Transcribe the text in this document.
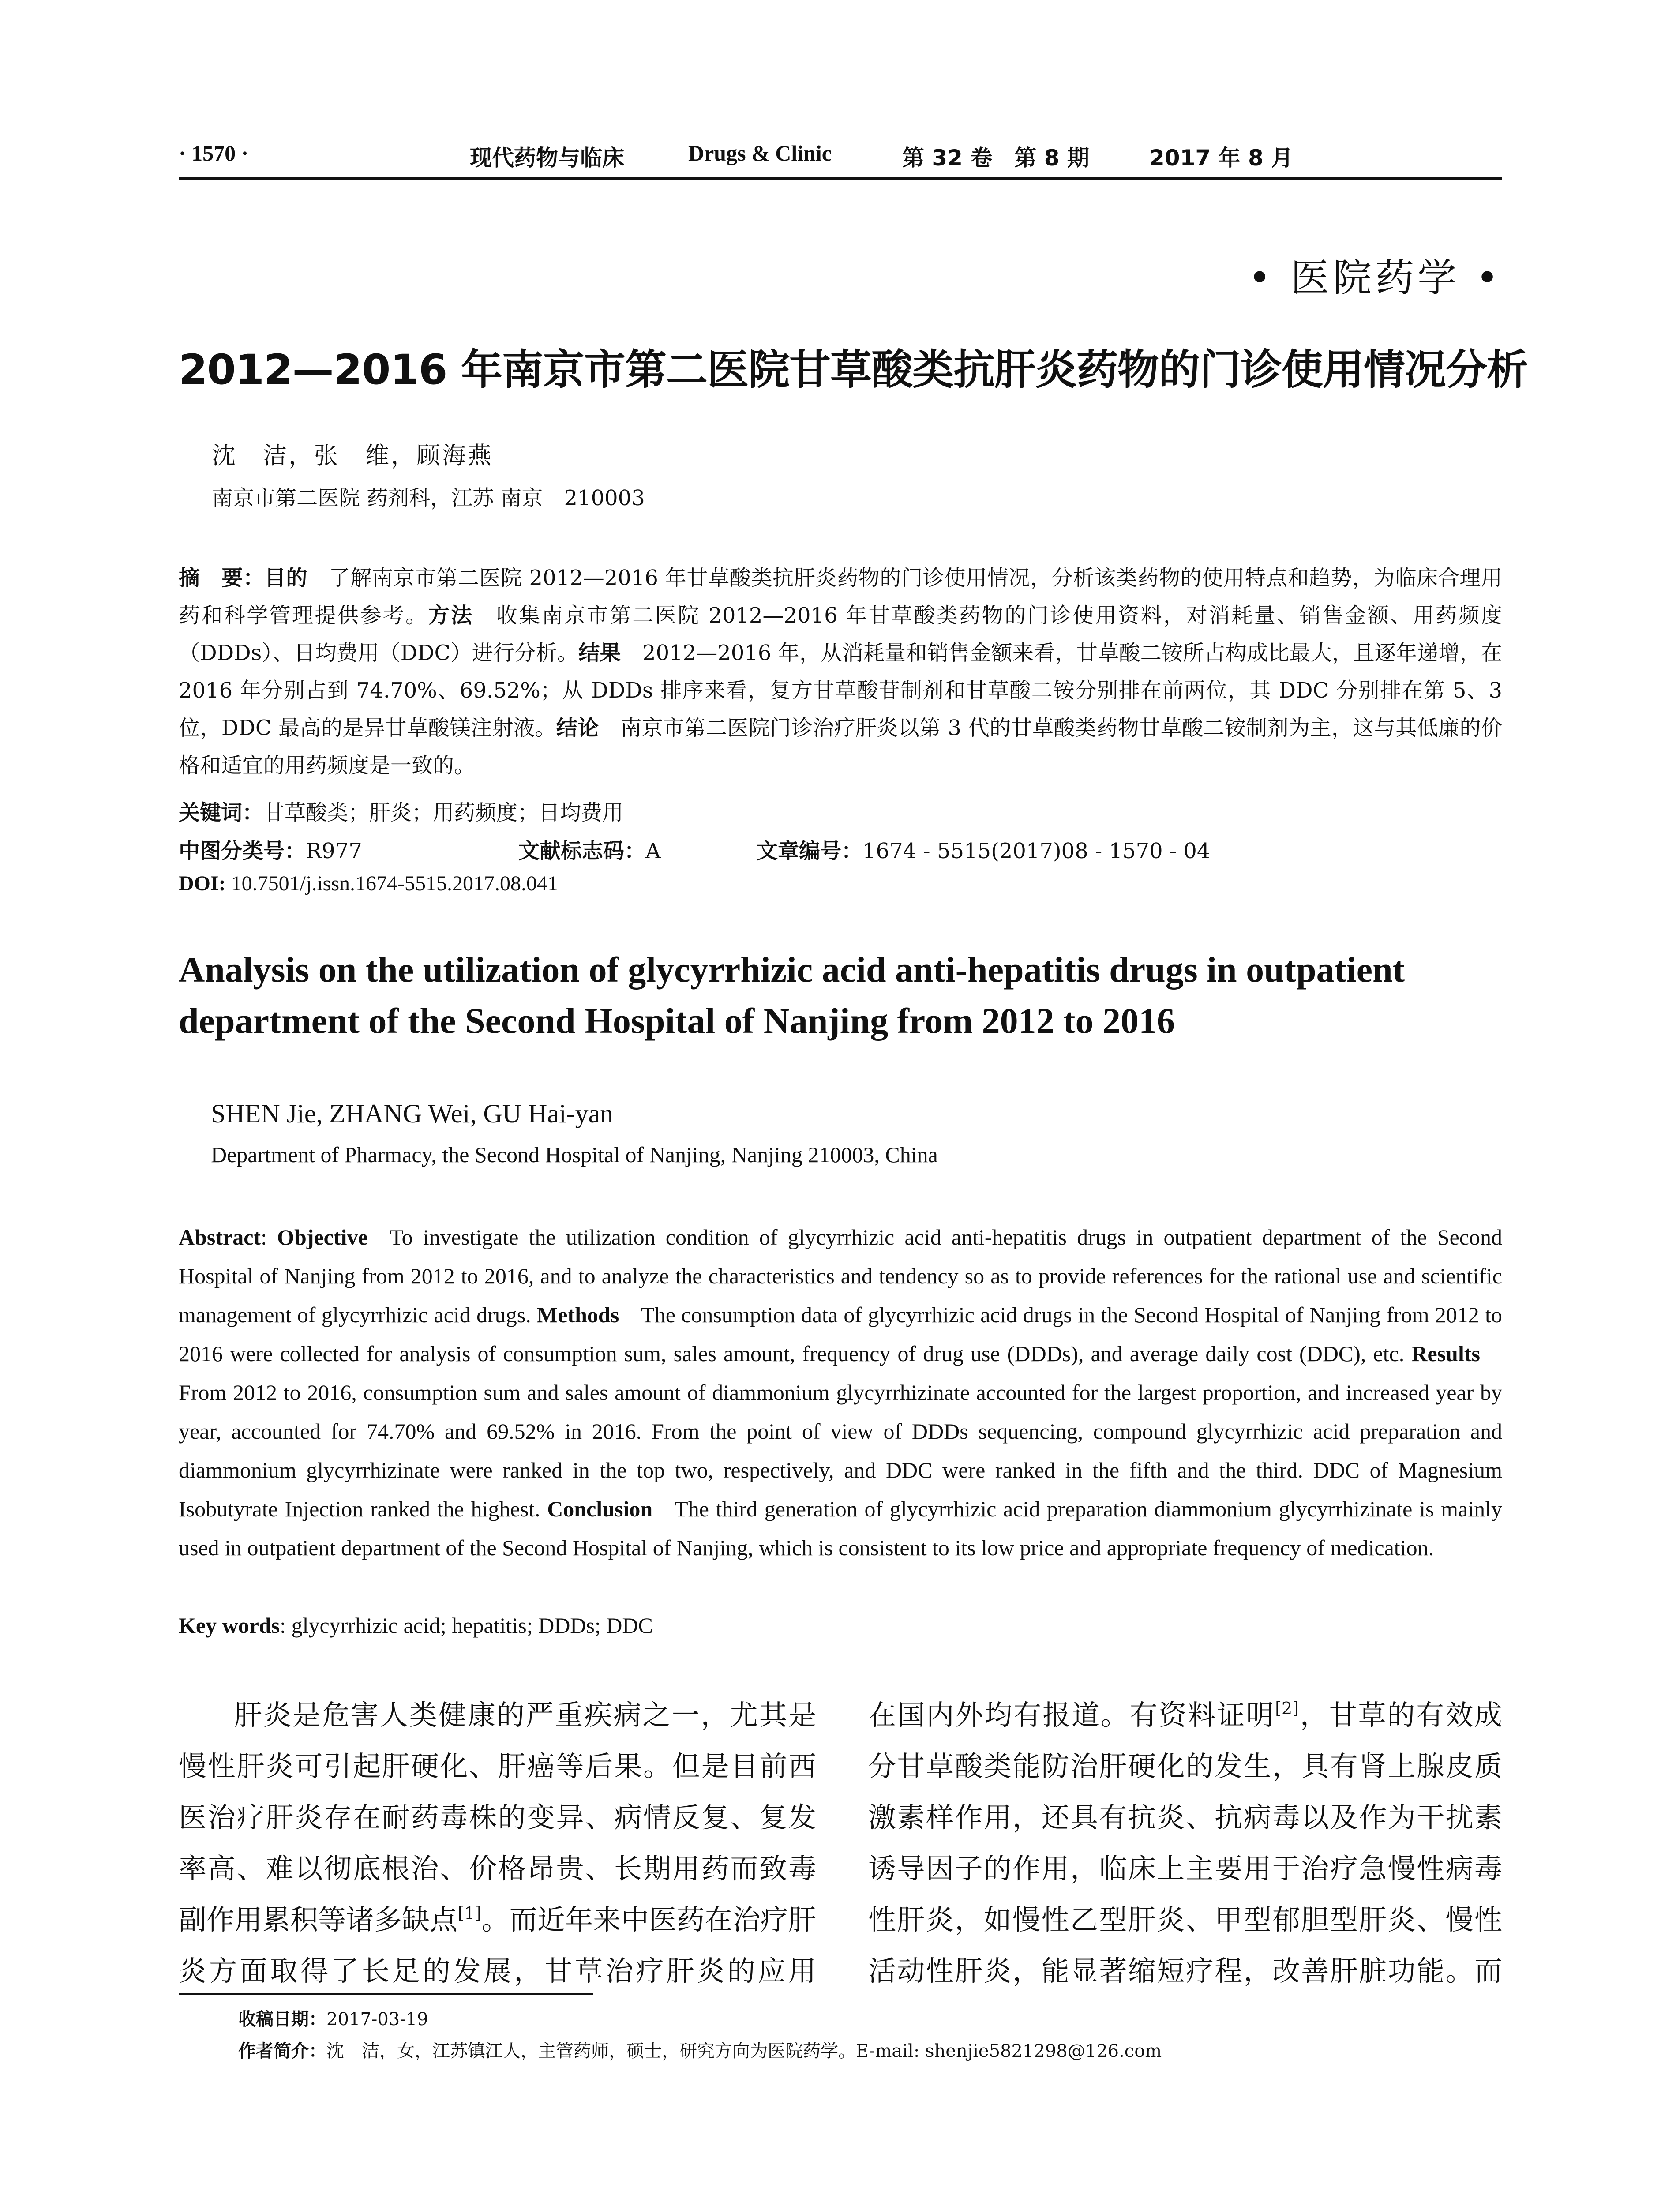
· 1570 ·	现代药物与临床	Drugs & Clinic	第 32 卷　第 8 期	2017 年 8 月
• 医院药学 •
2012—2016 年南京市第二医院甘草酸类抗肝炎药物的门诊使用情况分析
沈　洁，张　维，顾海燕
南京市第二医院 药剂科，江苏 南京　210003
摘　要：目的　 了解南京市第二医院 2012—2016 年甘草酸类抗肝炎药物的门诊使用情况，分析该类药物的使用特点和趋势，为临床合理用药和科学管理提供参考。方法　 收集南京市第二医院 2012—2016 年甘草酸类药物的门诊使用资料，对消耗量、销售金额、用药频度（DDDs）、日均费用（DDC）进行分析。结果　 2012—2016 年，从消耗量和销售金额来看，甘草酸二铵所占构成比最大，且逐年递增，在 2016 年分别占到 74.70%、69.52%；从 DDDs 排序来看，复方甘草酸苷制剂和甘草酸二铵分别排在前两位，其 DDC 分别排在第 5、3 位，DDC 最高的是异甘草酸镁注射液。结论　 南京市第二医院门诊治疗肝炎以第 3 代的甘草酸类药物甘草酸二铵制剂为主，这与其低廉的价格和适宜的用药频度是一致的。
关键词：甘草酸类；肝炎；用药频度；日均费用
中图分类号：R977	文献标志码：A	文章编号：1674 - 5515(2017)08 - 1570 - 04
DOI: 10.7501/j.issn.1674-5515.2017.08.041
Analysis on the utilization of glycyrrhizic acid anti-hepatitis drugs in outpatient department of the Second Hospital of Nanjing from 2012 to 2016
SHEN Jie, ZHANG Wei, GU Hai-yan
Department of Pharmacy, the Second Hospital of Nanjing, Nanjing 210003, China
Abstract: Objective  To investigate the utilization condition of glycyrrhizic acid anti-hepatitis drugs in outpatient department of the Second Hospital of Nanjing from 2012 to 2016, and to analyze the characteristics and tendency so as to provide references for the rational use and scientific management of glycyrrhizic acid drugs. Methods  The consumption data of glycyrrhizic acid drugs in the Second Hospital of Nanjing from 2012 to 2016 were collected for analysis of consumption sum, sales amount, frequency of drug use (DDDs), and average daily cost (DDC), etc. Results From 2012 to 2016, consumption sum and sales amount of diammonium glycyrrhizinate accounted for the largest proportion, and increased year by year, accounted for 74.70% and 69.52% in 2016. From the point of view of DDDs sequencing, compound glycyrrhizic acid preparation and diammonium glycyrrhizinate were ranked in the top two, respectively, and DDC were ranked in the fifth and the third. DDC of Magnesium Isobutyrate Injection ranked the highest. Conclusion  The third generation of glycyrrhizic acid preparation diammonium glycyrrhizinate is mainly used in outpatient department of the Second Hospital of Nanjing, which is consistent to its low price and appropriate frequency of medication.
Key words: glycyrrhizic acid; hepatitis; DDDs; DDC
肝炎是危害人类健康的严重疾病之一，尤其是慢性肝炎可引起肝硬化、肝癌等后果。但是目前西医治疗肝炎存在耐药毒株的变异、病情反复、复发率高、难以彻底根治、价格昂贵、长期用药而致毒副作用累积等诸多缺点[1]。而近年来中医药在治疗肝炎方面取得了长足的发展，甘草治疗肝炎的应用
在国内外均有报道。有资料证明[2]，甘草的有效成分甘草酸类能防治肝硬化的发生，具有肾上腺皮质激素样作用，还具有抗炎、抗病毒以及作为干扰素诱导因子的作用，临床上主要用于治疗急慢性病毒性肝炎，如慢性乙型肝炎、甲型郁胆型肝炎、慢性活动性肝炎，能显著缩短疗程，改善肝脏功能。而
收稿日期：2017-03-19
作者简介：沈　洁，女，江苏镇江人，主管药师，硕士，研究方向为医院药学。E-mail: shenjie5821298@126.com
